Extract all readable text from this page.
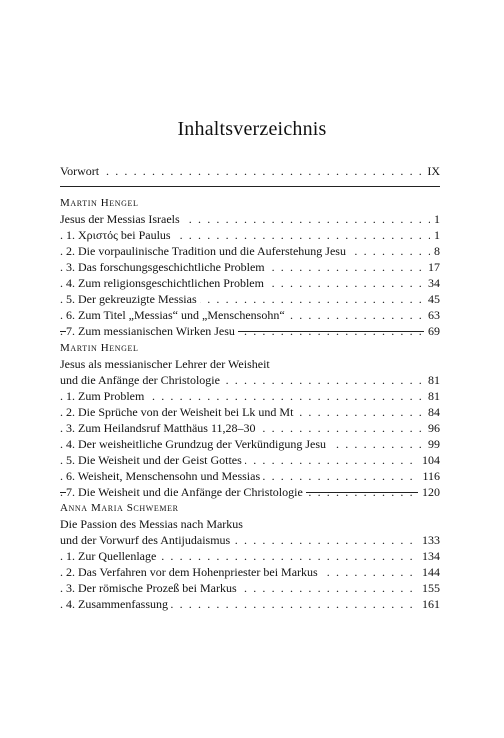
Inhaltsverzeichnis
. . . Vorwort	IX
Martin Hengel
. . . Jesus der Messias Israels	1
. . . 1. Χριστός bei Paulus	1
. . . 2. Die vorpaulinische Tradition und die Auferstehung Jesu	8
. . . 3. Das forschungsgeschichtliche Problem	17
. . . 4. Zum religionsgeschichtlichen Problem	34
. . . 5. Der gekreuzigte Messias	45
. . . 6. Zum Titel „Messias“ und „Menschensohn“	63
. . . 7. Zum messianischen Wirken Jesu	69
Martin Hengel
Jesus als messianischer Lehrer der Weisheit
. . . und die Anfänge der Christologie	81
. . . 1. Zum Problem	81
. . . 2. Die Sprüche von der Weisheit bei Lk und Mt	84
. . . 3. Zum Heilandsruf Matthäus 11,28–30	96
. . . 4. Der weisheitliche Grundzug der Verkündigung Jesu	99
. . . 5. Die Weisheit und der Geist Gottes	104
. . . 6. Weisheit, Menschensohn und Messias	116
. . . 7. Die Weisheit und die Anfänge der Christologie	120
Anna Maria Schwemer
Die Passion des Messias nach Markus
. . . und der Vorwurf des Antijudaismus	133
. . . 1. Zur Quellenlage	134
. . . 2. Das Verfahren vor dem Hohenpriester bei Markus	144
. . . 3. Der römische Prozeß bei Markus	155
. . . 4. Zusammenfassung	161
